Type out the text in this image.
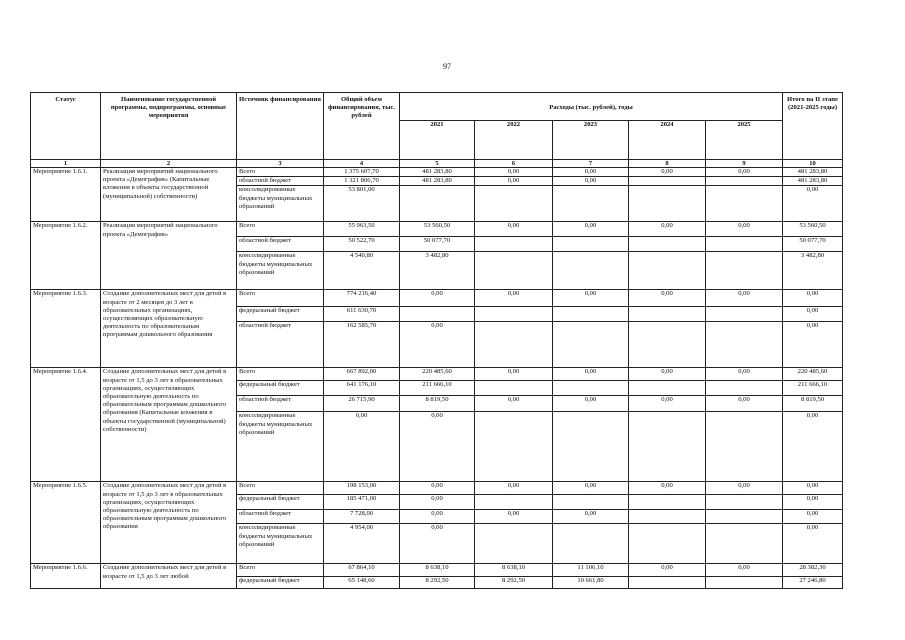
97
Статус	Наименование государственной программы, подпрограммы, основные мероприятия	Источник финансирования	Общий объем финансирования, тыс. рублей	Расходы (тыс. рублей), годы					Итого на II этапе (2021-2025 годы)
				2021	2022	2023	2024	2025	
1	2	3	4	5	6	7	8	9	10
Мероприятие 1.6.1.	Реализация мероприятий национального проекта «Демография» (Капитальные вложения в объекты государственной (муниципальной) собственности)	Всего	1 375 607,70	481 283,80	0,00	0,00	0,00	0,00	481 283,80
		областной бюджет	1 321 806,70	481 283,80	0,00	0,00			481 283,80
		консолидированные бюджеты муниципальных образований	53 801,00						0,00
Мероприятие 1.6.2.	Реализация мероприятий национального проекта «Демография»	Всего	55 063,50	53 560,50	0,00	0,00	0,00	0,00	53 560,50
		областной бюджет	50 522,70	50 077,70					50 077,70
		консолидированные бюджеты муниципальных образований	4 540,80	3 482,80					3 482,80
Мероприятие 1.6.3.	Создание дополнительных мест для детей в возрасте от 2 месяцев до 3 лет в образовательных организациях, осуществляющих образовательную деятельность по образовательным программам дошкольного образования	Всего	774 216,40	0,00	0,00	0,00	0,00	0,00	0,00
		федеральный бюджет	611 630,70						0,00
		областной бюджет	162 585,70	0,00					0,00
Мероприятие 1.6.4.	Создание дополнительных мест для детей в возрасте от 1,5 до 3 лет в образовательных организациях, осуществляющих образовательную деятельность по образовательным программам дошкольного образования (Капитальные вложения в объекты государственной (муниципальной) собственности)	Всего	667 892,00	220 485,60	0,00	0,00	0,00	0,00	220 485,60
		федеральный бюджет	641 176,10	211 666,10					211 666,10
		областной бюджет	26 715,90	8 819,50	0,00	0,00	0,00	0,00	8 819,50
		консолидированные бюджеты муниципальных образований	0,00	0,00					0,00
Мероприятие 1.6.5.	Создание дополнительных мест для детей в возрасте от 1,5 до 3 лет в образовательных организациях, осуществляющих образовательную деятельность по образовательным программам дошкольного образования	Всего	198 153,00	0,00	0,00	0,00	0,00	0,00	0,00
		федеральный бюджет	185 471,00	0,00					0,00
		областной бюджет	7 728,00	0,00	0,00	0,00			0,00
		консолидированные бюджеты муниципальных образований	4 954,00	0,00					0,00
Мероприятие 1.6.6.	Создание дополнительных мест для детей в возрасте от 1,5 до 3 лет любой	Всего	67 864,10	8 638,10	8 638,10	11 106,10	0,00	0,00	28 382,30
		федеральный бюджет	65 148,60	8 292,50	8 292,50	10 661,80			27 246,80
